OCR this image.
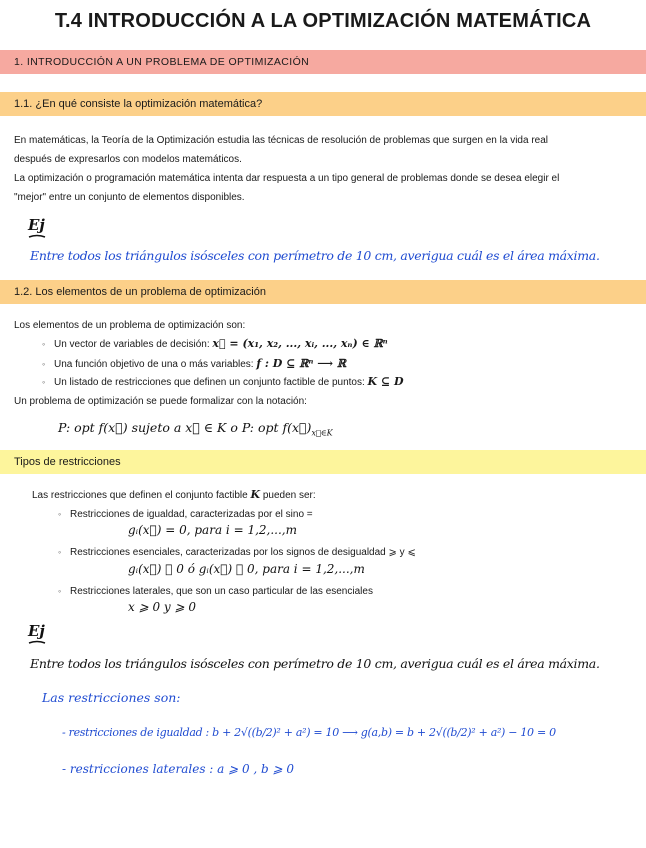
T.4 INTRODUCCIÓN A LA OPTIMIZACIÓN MATEMÁTICA
1. INTRODUCCIÓN A UN PROBLEMA DE OPTIMIZACIÓN
1.1. ¿En qué consiste la optimización matemática?

En matemáticas, la Teoría de la Optimización estudia las técnicas de resolución de problemas que surgen en la vida real
después de expresarlos con modelos matemáticos.
La optimización o programación matemática intenta dar respuesta a un tipo general de problemas donde se desea elegir el
"mejor" entre un conjunto de elementos disponibles.

Ej
Entre todos los triángulos isósceles con perímetro de 10 cm, averigua cuál es el área máxima.
1.2. Los elementos de un problema de optimización
Los elementos de un problema de optimización son:
◦ Un vector de variables de decisión: x⃗ = (x₁, x₂, ..., xᵢ, ..., xₙ) ∈ ℝⁿ
◦ Una función objetivo de una o más variables: f : D ⊆ ℝⁿ ⟶ ℝ
◦ Un listado de restricciones que definen un conjunto factible de puntos: K ⊆ D
Un problema de optimización se puede formalizar con la notación:
P: opt f(x⃗) sujeto a x⃗ ∈ K o P: opt $f(x⃗)_{x⃗\in K}$
Tipos de restricciones
Las restricciones que definen el conjunto factible K pueden ser:
◦ Restricciones de igualdad, caracterizadas por el sino =
gᵢ(x⃗) = 0, para i = 1,2,...,m
◦ Restricciones esenciales, caracterizadas por los signos de desigualdad ⩾ y ⩽
gᵢ(x⃗) ⩾ 0 ó gᵢ(x⃗) ⩽ 0, para i = 1,2,...,m
◦ Restricciones laterales, que son un caso particular de las esenciales
x ⩾ 0 y ⩾ 0
Ej
Entre todos los triángulos isósceles con perímetro de 10 cm, averigua cuál es el área máxima.
Las restricciones son:
- restricciones de igualdad : b + 2√((b/2)² + a²) = 10 ⟶ g(a,b) = b + 2√((b/2)² + a²) − 10 = 0
- restricciones laterales : a ⩾ 0 , b ⩾ 0
